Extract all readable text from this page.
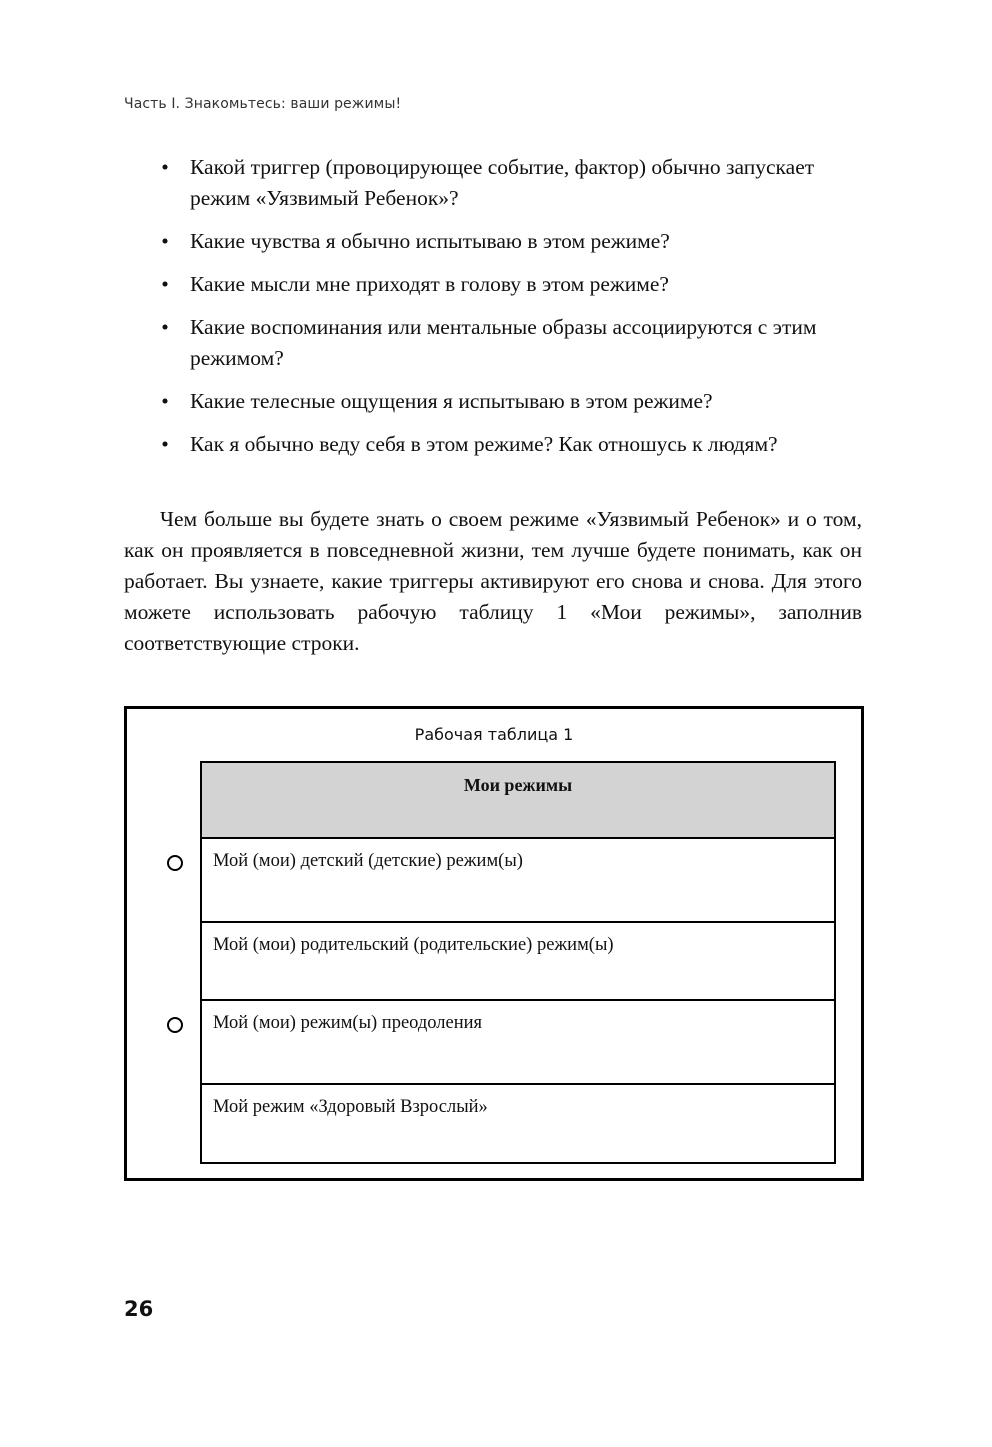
Часть I. Знакомьтесь: ваши режимы!
• Какой триггер (провоцирующее событие, фактор) обычно запускает режим «Уязвимый Ребенок»?
• Какие чувства я обычно испытываю в этом режиме?
• Какие мысли мне приходят в голову в этом режиме?
• Какие воспоминания или ментальные образы ассоциируются с этим режимом?
• Какие телесные ощущения я испытываю в этом режиме?
• Как я обычно веду себя в этом режиме? Как отношусь к людям?

Чем больше вы будете знать о своем режиме «Уязвимый Ребенок» и о том, как он проявляется в повседневной жизни, тем лучше будете понимать, как он работает. Вы узнаете, какие триггеры активируют его снова и снова. Для этого можете использовать рабочую таблицу 1 «Мои режимы», заполнив соответствующие строки.

Рабочая таблица 1
Мои режимы
Мой (мои) детский (детские) режим(ы)
Мой (мои) родительский (родительские) режим(ы)
Мой (мои) режим(ы) преодоления
Мой режим «Здоровый Взрослый»
26
